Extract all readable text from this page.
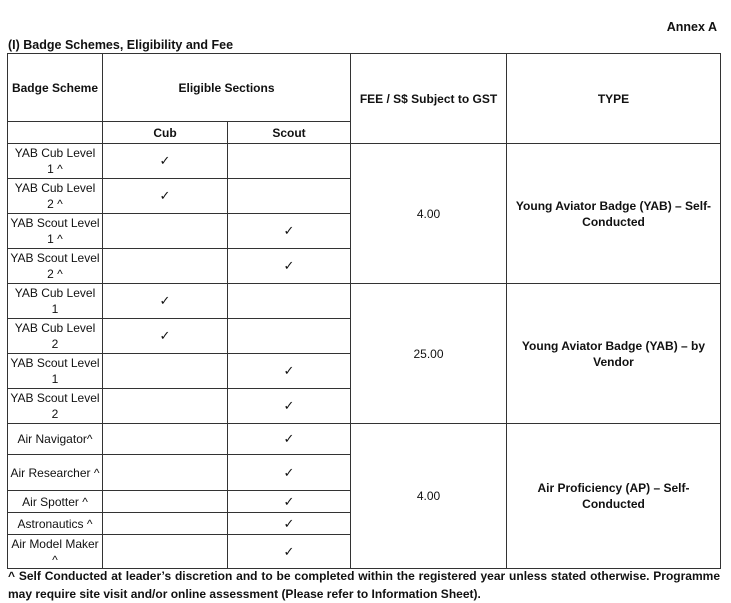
Annex A
(I) Badge Schemes, Eligibility and Fee
Badge Scheme	Eligible Sections		FEE / S$ Subject to GST	TYPE
	Cub	Scout		
YAB Cub Level 1 ^	✓		4.00	Young Aviator Badge (YAB) – Self-Conducted
YAB Cub Level 2 ^	✓			
YAB Scout Level 1 ^		✓		
YAB Scout Level 2 ^		✓		
YAB Cub Level 1	✓		25.00	Young Aviator Badge (YAB) – by Vendor
YAB Cub Level 2	✓			
YAB Scout Level 1		✓		
YAB Scout Level 2		✓		
Air Navigator^		✓	4.00	Air Proficiency (AP) – Self-Conducted
Air Researcher ^		✓		
Air Spotter ^		✓		
Astronautics ^		✓		
Air Model Maker ^		✓		
^ Self Conducted at leader’s discretion and to be completed within the registered year unless stated otherwise. Programme may require site visit and/or online assessment (Please refer to Information Sheet).
